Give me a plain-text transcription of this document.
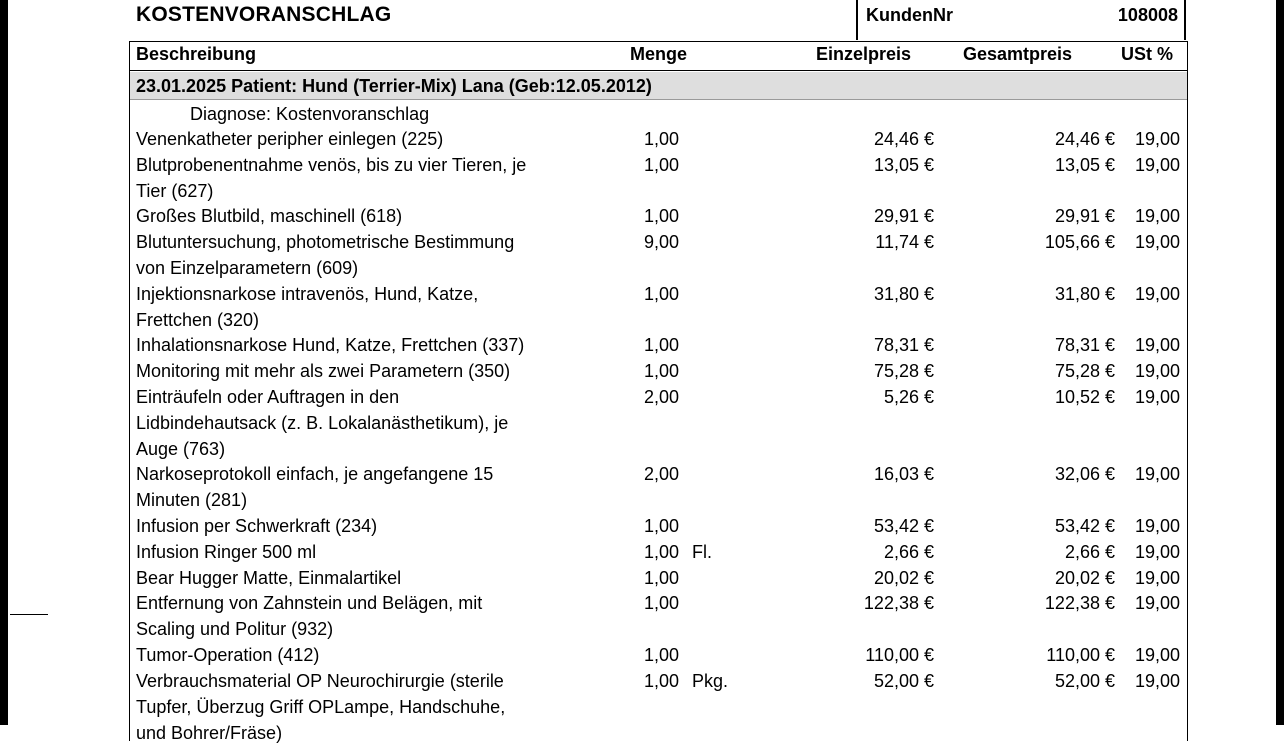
KOSTENVORANSCHLAG	KundenNr	108008
Beschreibung	Menge	Einzelpreis	Gesamtpreis	USt %
23.01.2025 Patient: Hund (Terrier-Mix) Lana (Geb:12.05.2012)
Diagnose: Kostenvoranschlag
Venenkatheter peripher einlegen (225)	1,00	24,46 €	24,46 €	19,00
Blutprobenentnahme venös, bis zu vier Tieren, je
Tier (627)
1,00	13,05 €	13,05 €	19,00
Großes Blutbild, maschinell (618)	1,00	29,91 €	29,91 €	19,00
Blutuntersuchung, photometrische Bestimmung
von Einzelparametern (609)
9,00	11,74 €	105,66 €	19,00
Injektionsnarkose intravenös, Hund, Katze,
Frettchen (320)
1,00	31,80 €	31,80 €	19,00
Inhalationsnarkose Hund, Katze, Frettchen (337)	1,00	78,31 €	78,31 €	19,00
Monitoring mit mehr als zwei Parametern (350)	1,00	75,28 €	75,28 €	19,00
Einträufeln oder Auftragen in den
Lidbindehautsack (z. B. Lokalanästhetikum), je
Auge (763)
2,00	5,26 €	10,52 €	19,00
Narkoseprotokoll einfach, je angefangene 15
Minuten (281)
2,00	16,03 €	32,06 €	19,00
Infusion per Schwerkraft (234)	1,00	53,42 €	53,42 €	19,00
Infusion Ringer 500 ml	1,00 Fl.	2,66 €	2,66 €	19,00
Bear Hugger Matte, Einmalartikel	1,00	20,02 €	20,02 €	19,00
Entfernung von Zahnstein und Belägen, mit
Scaling und Politur (932)
1,00	122,38 €	122,38 €	19,00
Tumor-Operation (412)	1,00	110,00 €	110,00 €	19,00
Verbrauchsmaterial OP Neurochirurgie (sterile
Tupfer, Überzug Griff OPLampe, Handschuhe,
und Bohrer/Fräse)
1,00 Pkg.	52,00 €	52,00 €	19,00
